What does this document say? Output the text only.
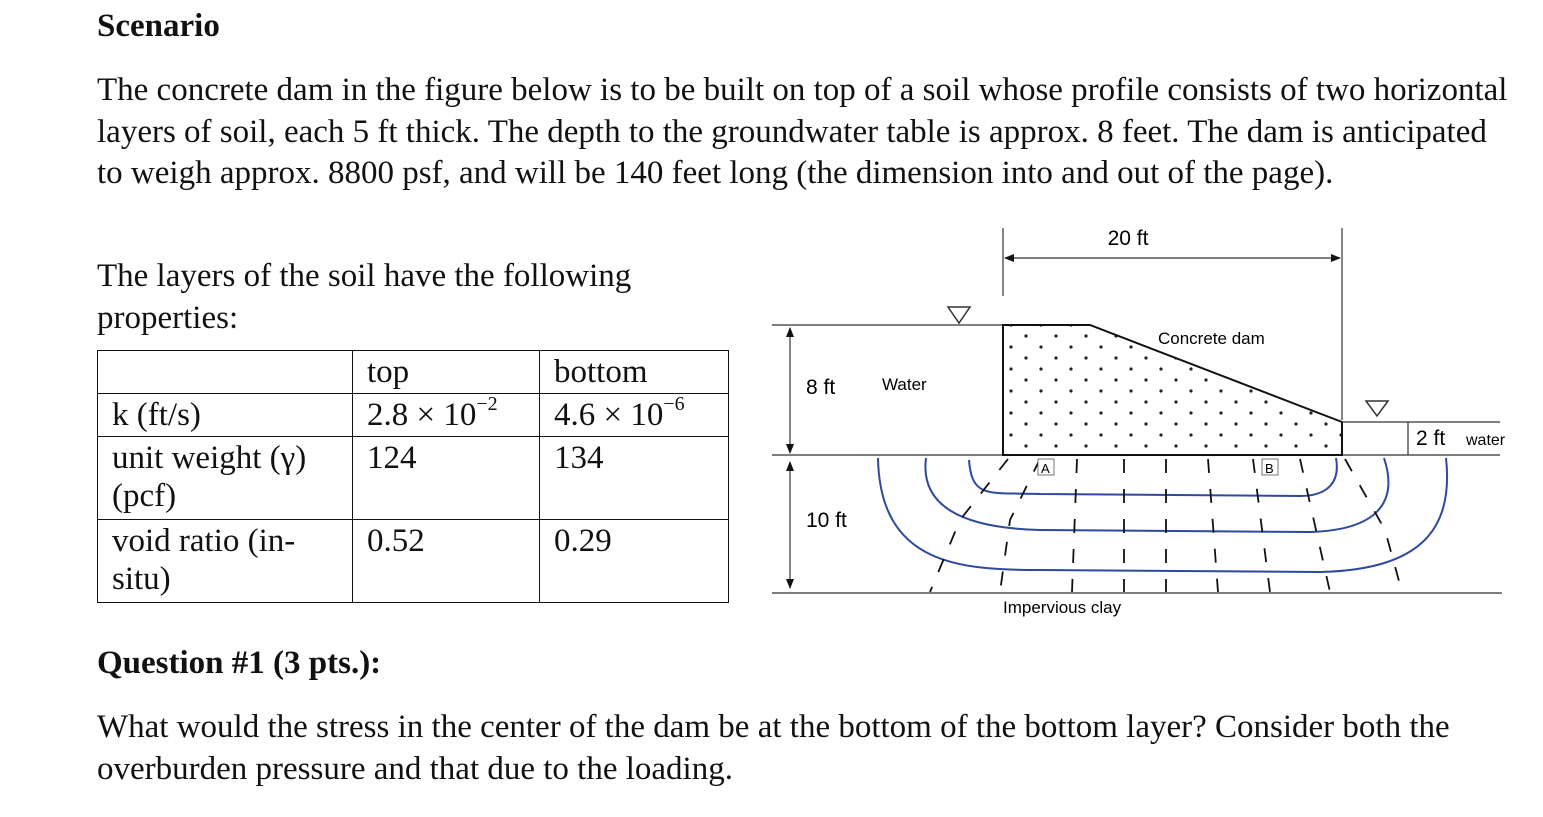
Scenario

The concrete dam in the figure below is to be built on top of a soil whose profile consists of two horizontal layers of soil, each 5 ft thick. The depth to the groundwater table is approx. 8 feet. The dam is anticipated to weigh approx. 8800 psf, and will be 140 feet long (the dimension into and out of the page).

The layers of the soil have the following properties:

	top	bottom
k (ft/s)	$2.8 \times 10^{-2}$	$4.6 \times 10^{-6}$
unit weight (γ) (pcf)	124	134
void ratio (in-situ)	0.52	0.29
20 ft
8 ft
10 ft
Water
Impervious clay
Concrete dam
2 ft water
A	B
Question #1 (3 pts.):

What would the stress in the center of the dam be at the bottom of the bottom layer? Consider both the overburden pressure and that due to the loading.
